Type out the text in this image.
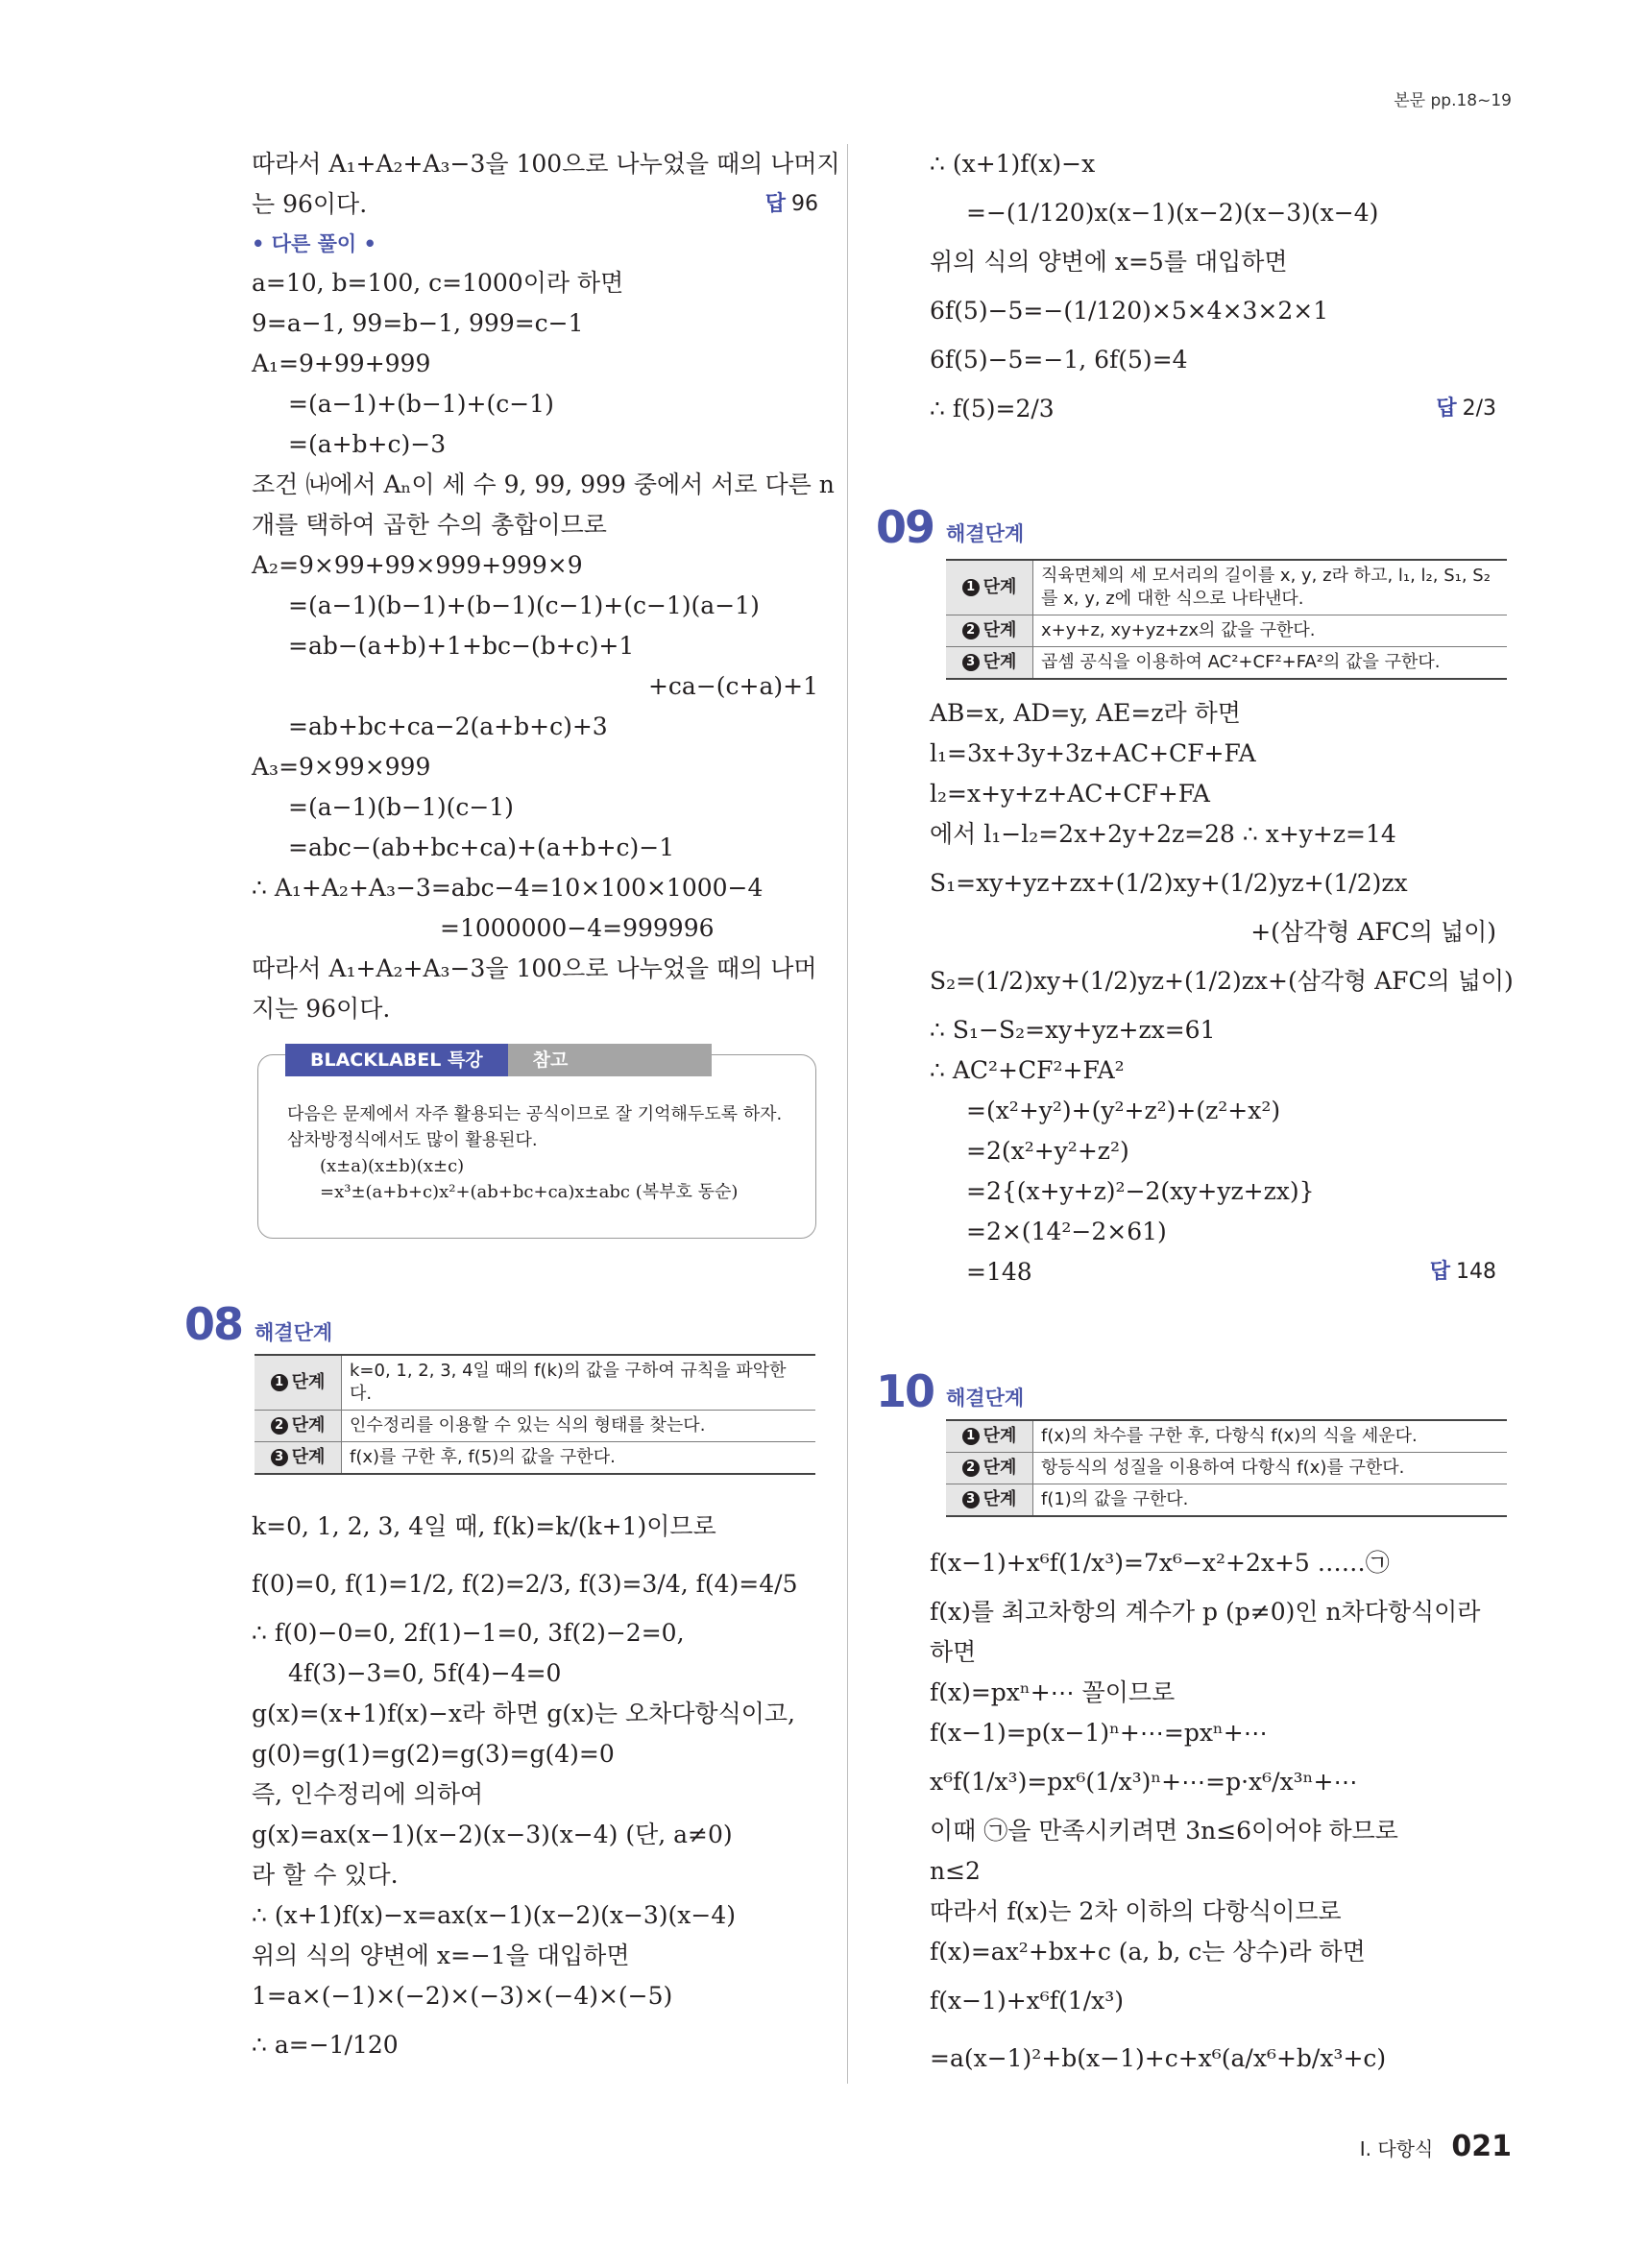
본문 pp.18~19
따라서 A₁+A₂+A₃−3을 100으로 나누었을 때의 나머지
는 96이다.	답 96
• 다른 풀이 •
a=10, b=100, c=1000이라 하면
9=a−1, 99=b−1, 999=c−1
A₁=9+99+999
=(a−1)+(b−1)+(c−1)
=(a+b+c)−3
조건 ㈏에서 Aₙ이 세 수 9, 99, 999 중에서 서로 다른 n
개를 택하여 곱한 수의 총합이므로
A₂=9×99+99×999+999×9
=(a−1)(b−1)+(b−1)(c−1)+(c−1)(a−1)
=ab−(a+b)+1+bc−(b+c)+1
+ca−(c+a)+1
=ab+bc+ca−2(a+b+c)+3
A₃=9×99×999
=(a−1)(b−1)(c−1)
=abc−(ab+bc+ca)+(a+b+c)−1
∴ A₁+A₂+A₃−3=abc−4=10×100×1000−4
=1000000−4=999996
따라서 A₁+A₂+A₃−3을 100으로 나누었을 때의 나머
지는 96이다.
BLACKLABEL 특강	참고
다음은 문제에서 자주 활용되는 공식이므로 잘 기억해두도록 하자.
삼차방정식에서도 많이 활용된다.
(x±a)(x±b)(x±c)
=x³±(a+b+c)x²+(ab+bc+ca)x±abc (복부호 동순)
08 해결단계
1 단계	k=0, 1, 2, 3, 4일 때의 f(k)의 값을 구하여 규칙을 파악한다.
2 단계	인수정리를 이용할 수 있는 식의 형태를 찾는다.
3 단계	f(x)를 구한 후, f(5)의 값을 구한다.
k=0, 1, 2, 3, 4일 때, f(k)=k/(k+1)이므로
f(0)=0, f(1)=1/2, f(2)=2/3, f(3)=3/4, f(4)=4/5
∴ f(0)−0=0, 2f(1)−1=0, 3f(2)−2=0,
4f(3)−3=0, 5f(4)−4=0
g(x)=(x+1)f(x)−x라 하면 g(x)는 오차다항식이고,
g(0)=g(1)=g(2)=g(3)=g(4)=0
즉, 인수정리에 의하여
g(x)=ax(x−1)(x−2)(x−3)(x−4) (단, a≠0)
라 할 수 있다.
∴ (x+1)f(x)−x=ax(x−1)(x−2)(x−3)(x−4)
위의 식의 양변에 x=−1을 대입하면
1=a×(−1)×(−2)×(−3)×(−4)×(−5)
∴ a=−1/120
∴ (x+1)f(x)−x
=−(1/120)x(x−1)(x−2)(x−3)(x−4)
위의 식의 양변에 x=5를 대입하면
6f(5)−5=−(1/120)×5×4×3×2×1
6f(5)−5=−1, 6f(5)=4
∴ f(5)=2/3	답 2/3
09 해결단계
1 단계	직육면체의 세 모서리의 길이를 x, y, z라 하고, l₁, l₂, S₁, S₂를 x, y, z에 대한 식으로 나타낸다.
2 단계	x+y+z, xy+yz+zx의 값을 구한다.
3 단계	곱셈 공식을 이용하여 AC²+CF²+FA²의 값을 구한다.
AB=x, AD=y, AE=z라 하면
l₁=3x+3y+3z+AC+CF+FA
l₂=x+y+z+AC+CF+FA
에서 l₁−l₂=2x+2y+2z=28 ∴ x+y+z=14
S₁=xy+yz+zx+(1/2)xy+(1/2)yz+(1/2)zx
+(삼각형 AFC의 넓이)
S₂=(1/2)xy+(1/2)yz+(1/2)zx+(삼각형 AFC의 넓이)
∴ S₁−S₂=xy+yz+zx=61
∴ AC²+CF²+FA²
=(x²+y²)+(y²+z²)+(z²+x²)
=2(x²+y²+z²)
=2{(x+y+z)²−2(xy+yz+zx)}
=2×(14²−2×61)
=148	답 148
10 해결단계
1 단계	f(x)의 차수를 구한 후, 다항식 f(x)의 식을 세운다.
2 단계	항등식의 성질을 이용하여 다항식 f(x)를 구한다.
3 단계	f(1)의 값을 구한다.
f(x−1)+x⁶f(1/x³)=7x⁶−x²+2x+5 ……㉠
f(x)를 최고차항의 계수가 p (p≠0)인 n차다항식이라
하면
f(x)=pxⁿ+⋯ 꼴이므로
f(x−1)=p(x−1)ⁿ+⋯=pxⁿ+⋯
x⁶f(1/x³)=px⁶(1/x³)ⁿ+⋯=p·x⁶/x³ⁿ+⋯
이때 ㉠을 만족시키려면 3n≤6이어야 하므로
n≤2
따라서 f(x)는 2차 이하의 다항식이므로
f(x)=ax²+bx+c (a, b, c는 상수)라 하면
f(x−1)+x⁶f(1/x³)
=a(x−1)²+b(x−1)+c+x⁶(a/x⁶+b/x³+c)
Ⅰ. 다항식 021
